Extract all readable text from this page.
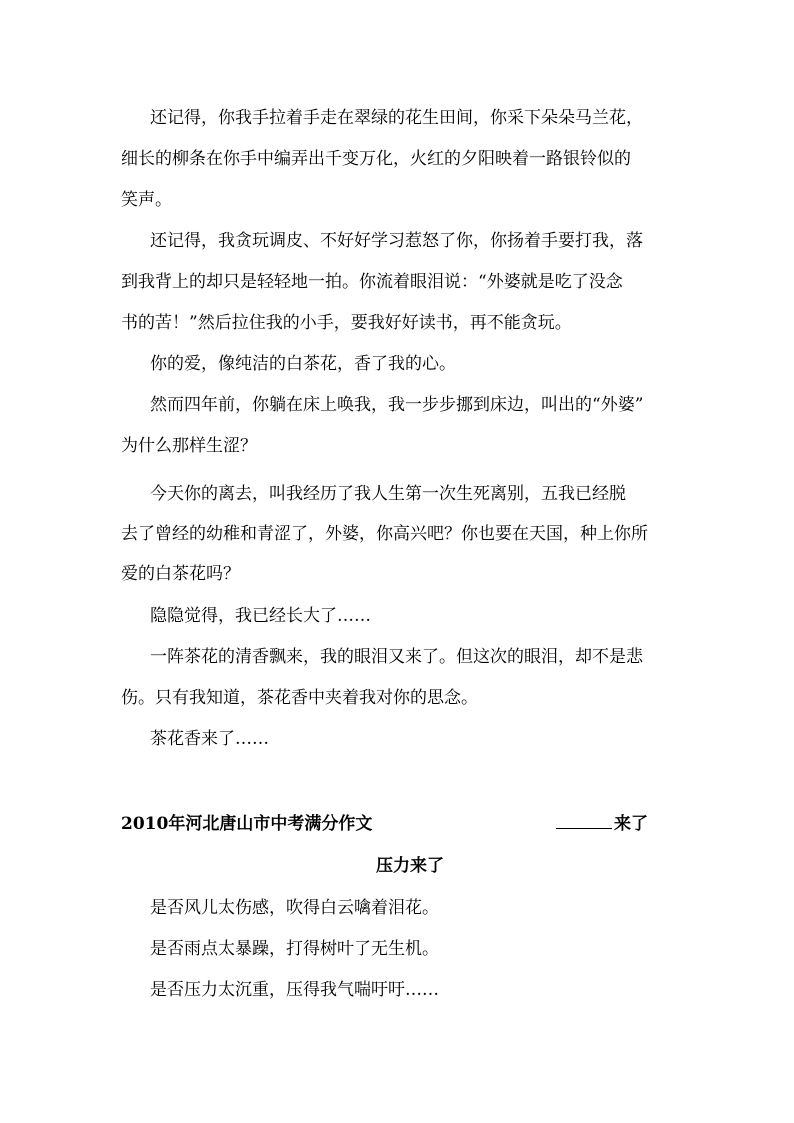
还记得，你我手拉着手走在翠绿的花生田间，你采下朵朵马兰花，
细长的柳条在你手中编弄出千变万化，火红的夕阳映着一路银铃似的
笑声。
还记得，我贪玩调皮、不好好学习惹怒了你，你扬着手要打我，落
到我背上的却只是轻轻地一拍。你流着眼泪说：“外婆就是吃了没念
书的苦！”然后拉住我的小手，要我好好读书，再不能贪玩。
你的爱，像纯洁的白茶花，香了我的心。
然而四年前，你躺在床上唤我，我一步步挪到床边，叫出的“外婆”
为什么那样生涩？
今天你的离去，叫我经历了我人生第一次生死离别，五我已经脱
去了曾经的幼稚和青涩了，外婆，你高兴吧？你也要在天国，种上你所
爱的白茶花吗？
隐隐觉得，我已经长大了……
一阵茶花的清香飘来，我的眼泪又来了。但这次的眼泪，却不是悲
伤。只有我知道，茶花香中夹着我对你的思念。
茶花香来了……
2010年河北唐山市中考满分作文	来了
压力来了
是否风儿太伤感，吹得白云噙着泪花。
是否雨点太暴躁，打得树叶了无生机。
是否压力太沉重，压得我气喘吁吁……
